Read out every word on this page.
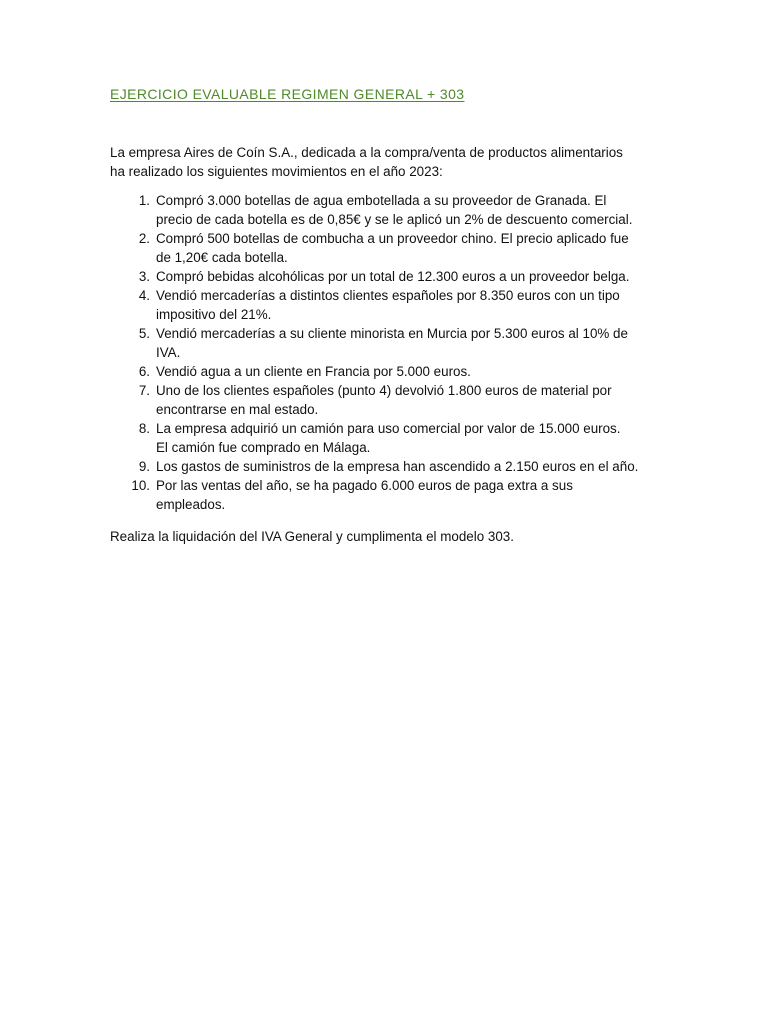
EJERCICIO EVALUABLE REGIMEN GENERAL + 303

La empresa Aires de Coín S.A., dedicada a la compra/venta de productos alimentarios
ha realizado los siguientes movimientos en el año 2023:

1. Compró 3.000 botellas de agua embotellada a su proveedor de Granada. El
precio de cada botella es de 0,85€ y se le aplicó un 2% de descuento comercial.
2. Compró 500 botellas de combucha a un proveedor chino. El precio aplicado fue
de 1,20€ cada botella.
3. Compró bebidas alcohólicas por un total de 12.300 euros a un proveedor belga.
4. Vendió mercaderías a distintos clientes españoles por 8.350 euros con un tipo
impositivo del 21%.
5. Vendió mercaderías a su cliente minorista en Murcia por 5.300 euros al 10% de
IVA.
6. Vendió agua a un cliente en Francia por 5.000 euros.
7. Uno de los clientes españoles (punto 4) devolvió 1.800 euros de material por
encontrarse en mal estado.
8. La empresa adquirió un camión para uso comercial por valor de 15.000 euros.
El camión fue comprado en Málaga.
9. Los gastos de suministros de la empresa han ascendido a 2.150 euros en el año.
10. Por las ventas del año, se ha pagado 6.000 euros de paga extra a sus
empleados.

Realiza la liquidación del IVA General y cumplimenta el modelo 303.
